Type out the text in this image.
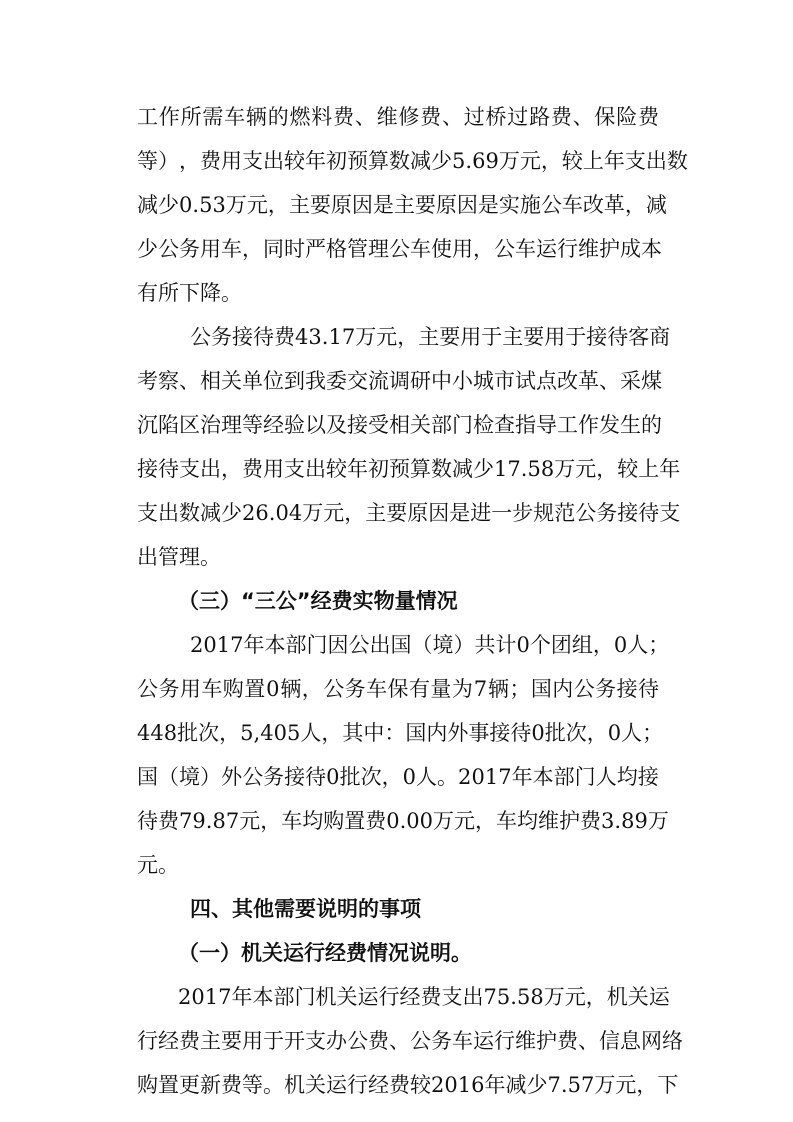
工 作 所 需 车 辆 的 燃 料 费 、 维 修 费 、 过 桥 过 路 费 、 保 险 费
等 ） ， 费 用 支 出 较 年 初 预 算 数 减 少 5 . 6 9 万 元 ， 较 上 年 支 出 数
减 少 0 . 5 3 万 元 ， 主 要 原 因 是 主 要 原 因 是 实 施 公 车 改 革 ， 减
少 公 务 用 车 ， 同 时 严 格 管 理 公 车 使 用 ， 公 车 运 行 维 护 成 本
有所下降。
公 务 接 待 费 4 3 . 1 7 万 元 ， 主 要 用 于 主 要 用 于 接 待 客 商
考 察 、 相 关 单 位 到 我 委 交 流 调 研 中 小 城 市 试 点 改 革 、 采 煤
沉 陷 区 治 理 等 经 验 以 及 接 受 相 关 部 门 检 查 指 导 工 作 发 生 的
接 待 支 出 ， 费 用 支 出 较 年 初 预 算 数 减 少 1 7 . 5 8 万 元 ， 较 上 年
支 出 数 减 少 2 6 . 0 4 万 元 ， 主 要 原 因 是 进 一 步 规 范 公 务 接 待 支
出管理。
（三）“三公”经费实物量情况
2 0 1 7 年 本 部 门 因 公 出 国 （ 境 ） 共 计 0 个 团 组 ， 0 人 ；
公 务 用 车 购 置 0 辆 ， 公 务 车 保 有 量 为 7 辆 ； 国 内 公 务 接 待
4 4 8 批 次 ， 5 , 4 0 5 人 ， 其 中 ： 国 内 外 事 接 待 0 批 次 ， 0 人 ；
国 （ 境 ） 外 公 务 接 待 0 批 次 ， 0 人 。 2 0 1 7 年 本 部 门 人 均 接
待 费 7 9 . 8 7 元 ， 车 均 购 置 费 0 . 0 0 万 元 ， 车 均 维 护 费 3 . 8 9 万
元。
四、其他需要说明的事项
（一）机关运行经费情况说明。
2 0 1 7 年 本 部 门 机 关 运 行 经 费 支 出 7 5 . 5 8 万 元 ， 机 关 运
行 经 费 主 要 用 于 开 支 办 公 费 、 公 务 车 运 行 维 护 费 、 信 息 网 络
购 置 更 新 费 等 。 机 关 运 行 经 费 较 2 0 1 6 年 减 少 7 . 5 7 万 元 ， 下
